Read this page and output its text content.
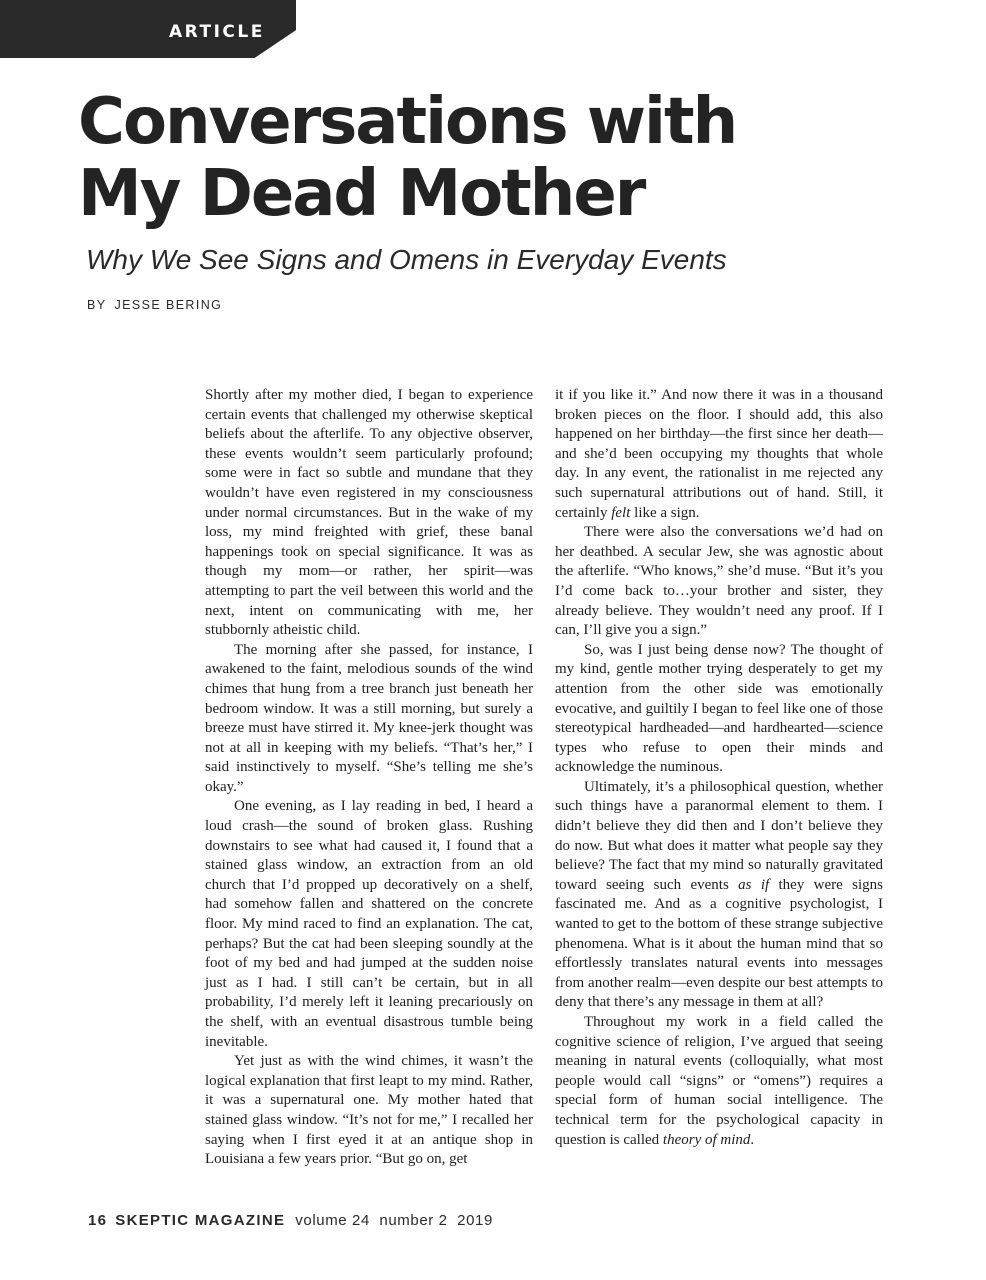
ARTICLE
Conversations with
My Dead Mother
Why We See Signs and Omens in Everyday Events
BY JESSE BERING

Shortly after my mother died, I began to experience certain events that challenged my otherwise skeptical beliefs about the afterlife. To any objective observer, these events wouldn’t seem particularly profound; some were in fact so subtle and mundane that they wouldn’t have even registered in my consciousness under normal circumstances. But in the wake of my loss, my mind freighted with grief, these banal happenings took on special significance. It was as though my mom—or rather, her spirit—was attempting to part the veil between this world and the next, intent on communicating with me, her stubbornly atheistic child.

The morning after she passed, for instance, I awakened to the faint, melodious sounds of the wind chimes that hung from a tree branch just beneath her bedroom window. It was a still morning, but surely a breeze must have stirred it. My knee-jerk thought was not at all in keeping with my beliefs. “That’s her,” I said instinctively to myself. “She’s telling me she’s okay.”

One evening, as I lay reading in bed, I heard a loud crash—the sound of broken glass. Rushing downstairs to see what had caused it, I found that a stained glass window, an extraction from an old church that I’d propped up decoratively on a shelf, had somehow fallen and shattered on the concrete floor. My mind raced to find an explanation. The cat, perhaps? But the cat had been sleeping soundly at the foot of my bed and had jumped at the sudden noise just as I had. I still can’t be certain, but in all probability, I’d merely left it leaning precariously on the shelf, with an eventual disastrous tumble being inevitable.

Yet just as with the wind chimes, it wasn’t the logical explanation that first leapt to my mind. Rather, it was a supernatural one. My mother hated that stained glass window. “It’s not for me,” I recalled her saying when I first eyed it at an antique shop in Louisiana a few years prior. “But go on, get

it if you like it.” And now there it was in a thousand broken pieces on the floor. I should add, this also happened on her birthday—the first since her death—and she’d been occupying my thoughts that whole day. In any event, the rationalist in me rejected any such supernatural attributions out of hand. Still, it certainly felt like a sign.

There were also the conversations we’d had on her deathbed. A secular Jew, she was agnostic about the afterlife. “Who knows,” she’d muse. “But it’s you I’d come back to…your brother and sister, they already believe. They wouldn’t need any proof. If I can, I’ll give you a sign.”

So, was I just being dense now? The thought of my kind, gentle mother trying desperately to get my attention from the other side was emotionally evocative, and guiltily I began to feel like one of those stereotypical hardheaded—and hardhearted—science types who refuse to open their minds and acknowledge the numinous.

Ultimately, it’s a philosophical question, whether such things have a paranormal element to them. I didn’t believe they did then and I don’t believe they do now. But what does it matter what people say they believe? The fact that my mind so naturally gravitated toward seeing such events as if they were signs fascinated me. And as a cognitive psychologist, I wanted to get to the bottom of these strange subjective phenomena. What is it about the human mind that so effortlessly translates natural events into messages from another realm—even despite our best attempts to deny that there’s any message in them at all?

Throughout my work in a field called the cognitive science of religion, I’ve argued that seeing meaning in natural events (colloquially, what most people would call “signs” or “omens”) requires a special form of human social intelligence. The technical term for the psychological capacity in question is called theory of mind.

16 SKEPTIC MAGAZINE volume 24  number 2  2019
